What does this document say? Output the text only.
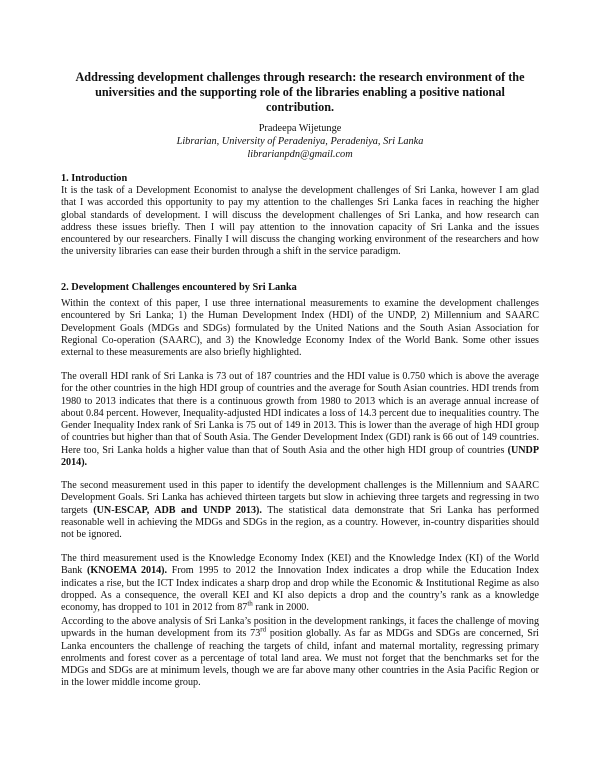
Addressing development challenges through research: the research environment of the universities and the supporting role of the libraries enabling a positive national contribution.
Pradeepa Wijetunge
Librarian, University of Peradeniya, Peradeniya, Sri Lanka
librarianpdn@gmail.com
1. Introduction
It is the task of a Development Economist to analyse the development challenges of Sri Lanka, however I am glad that I was accorded this opportunity to pay my attention to the challenges Sri Lanka faces in reaching the higher global standards of development. I will discuss the development challenges of Sri Lanka, and how research can address these issues briefly. Then I will pay attention to the innovation capacity of Sri Lanka and the issues encountered by our researchers. Finally I will discuss the changing working environment of the researchers and how the university libraries can ease their burden through a shift in the service paradigm.
2. Development Challenges encountered by Sri Lanka
Within the context of this paper, I use three international measurements to examine the development challenges encountered by Sri Lanka; 1) the Human Development Index (HDI) of the UNDP, 2) Millennium and SAARC Development Goals (MDGs and SDGs) formulated by the United Nations and the South Asian Association for Regional Co-operation (SAARC), and 3) the Knowledge Economy Index of the World Bank. Some other issues external to these measurements are also briefly highlighted.
The overall HDI rank of Sri Lanka is 73 out of 187 countries and the HDI value is 0.750 which is above the average for the other countries in the high HDI group of countries and the average for South Asian countries. HDI trends from 1980 to 2013 indicates that there is a continuous growth from 1980 to 2013 which is an average annual increase of about 0.84 percent. However, Inequality-adjusted HDI indicates a loss of 14.3 percent due to inequalities country. The Gender Inequality Index rank of Sri Lanka is 75 out of 149 in 2013. This is lower than the average of high HDI group of countries but higher than that of South Asia. The Gender Development Index (GDI) rank is 66 out of 149 countries. Here too, Sri Lanka holds a higher value than that of South Asia and the other high HDI group of countries (UNDP 2014).
The second measurement used in this paper to identify the development challenges is the Millennium and SAARC Development Goals. Sri Lanka has achieved thirteen targets but slow in achieving three targets and regressing in two targets (UN-ESCAP, ADB and UNDP 2013). The statistical data demonstrate that Sri Lanka has performed reasonable well in achieving the MDGs and SDGs in the region, as a country. However, in-country disparities should not be ignored.
The third measurement used is the Knowledge Economy Index (KEI) and the Knowledge Index (KI) of the World Bank (KNOEMA 2014). From 1995 to 2012 the Innovation Index indicates a drop while the Education Index indicates a rise, but the ICT Index indicates a sharp drop and drop while the Economic & Institutional Regime as also dropped. As a consequence, the overall KEI and KI also depicts a drop and the country’s rank as a knowledge economy, has dropped to 101 in 2012 from 87th rank in 2000.
According to the above analysis of Sri Lanka’s position in the development rankings, it faces the challenge of moving upwards in the human development from its 73rd position globally. As far as MDGs and SDGs are concerned, Sri Lanka encounters the challenge of reaching the targets of child, infant and maternal mortality, regressing primary enrolments and forest cover as a percentage of total land area. We must not forget that the benchmarks set for the MDGs and SDGs are at minimum levels, though we are far above many other countries in the Asia Pacific Region or in the lower middle income group.
